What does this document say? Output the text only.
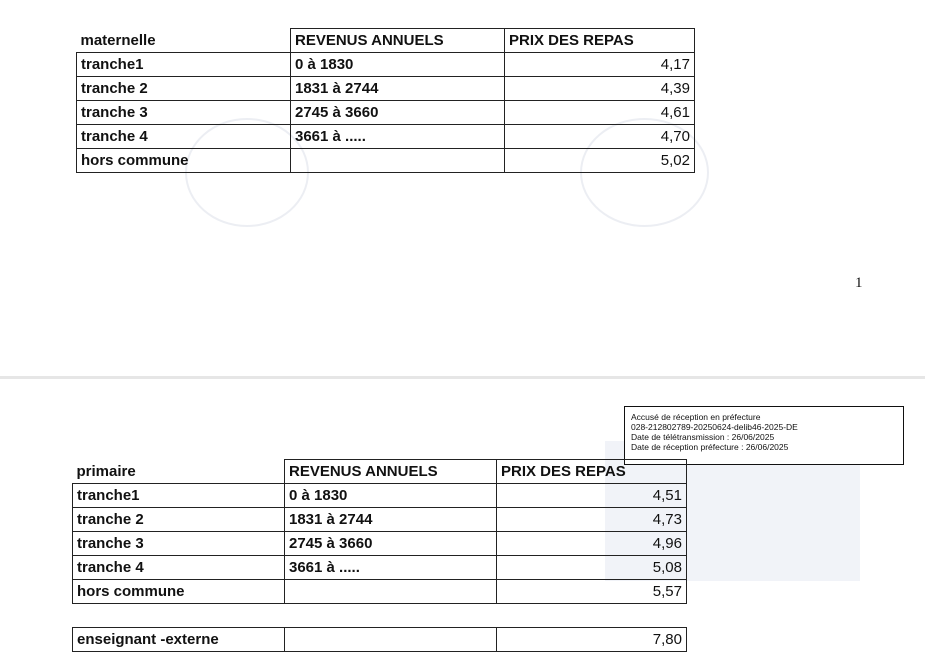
maternelle	REVENUS ANNUELS	PRIX DES REPAS
tranche1	0 à 1830	4,17
tranche 2	1831 à 2744	4,39
tranche 3	2745 à 3660	4,61
tranche 4	3661 à .....	4,70
hors commune		5,02
1
Accusé de réception en préfecture
028-212802789-20250624-delib46-2025-DE
Date de télétransmission : 26/06/2025
Date de réception préfecture : 26/06/2025
primaire	REVENUS ANNUELS	PRIX DES REPAS
tranche1	0 à 1830	4,51
tranche 2	1831 à 2744	4,73
tranche 3	2745 à 3660	4,96
tranche 4	3661 à .....	5,08
hors commune		5,57
enseignant -externe		7,80
